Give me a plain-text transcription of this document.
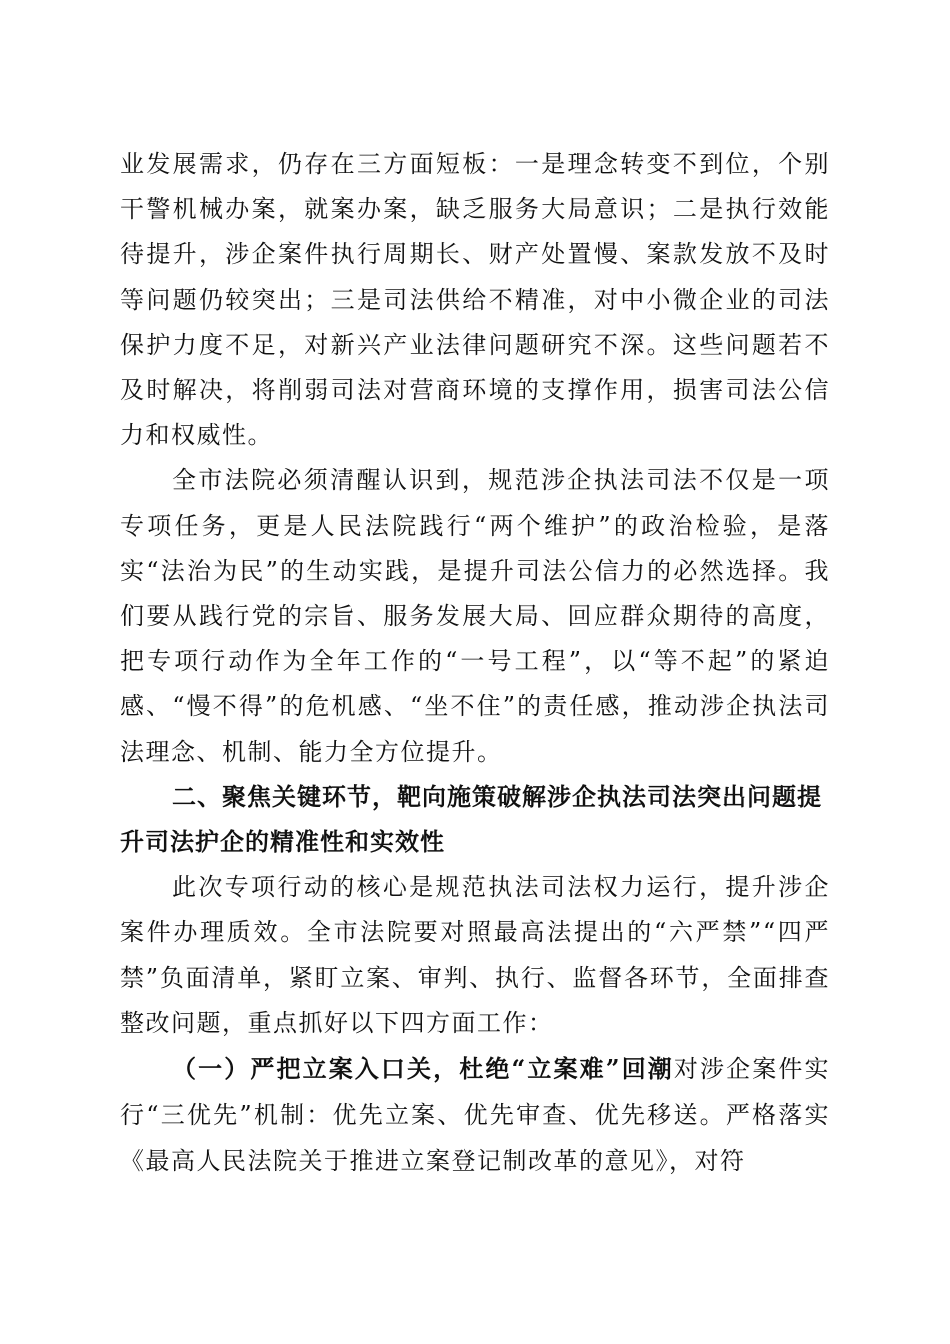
业发展需求，仍存在三方面短板：一是理念转变不到位，个别干警机械办案，就案办案，缺乏服务大局意识；二是执行效能待提升，涉企案件执行周期长、财产处置慢、案款发放不及时等问题仍较突出；三是司法供给不精准，对中小微企业的司法保护力度不足，对新兴产业法律问题研究不深。这些问题若不及时解决，将削弱司法对营商环境的支撑作用，损害司法公信力和权威性。

全市法院必须清醒认识到，规范涉企执法司法不仅是一项专项任务，更是人民法院践行“两个维护”的政治检验，是落实“法治为民”的生动实践，是提升司法公信力的必然选择。我们要从践行党的宗旨、服务发展大局、回应群众期待的高度，把专项行动作为全年工作的“一号工程”，以“等不起”的紧迫感、“慢不得”的危机感、“坐不住”的责任感，推动涉企执法司法理念、机制、能力全方位提升。

二、聚焦关键环节，靶向施策破解涉企执法司法突出问题提升司法护企的精准性和实效性

此次专项行动的核心是规范执法司法权力运行，提升涉企案件办理质效。全市法院要对照最高法提出的“六严禁”“四严禁”负面清单，紧盯立案、审判、执行、监督各环节，全面排查整改问题，重点抓好以下四方面工作：

（一）严把立案入口关，杜绝“立案难”回潮对涉企案件实行“三优先”机制：优先立案、优先审查、优先移送。严格落实《最高人民法院关于推进立案登记制改革的意见》，对符
